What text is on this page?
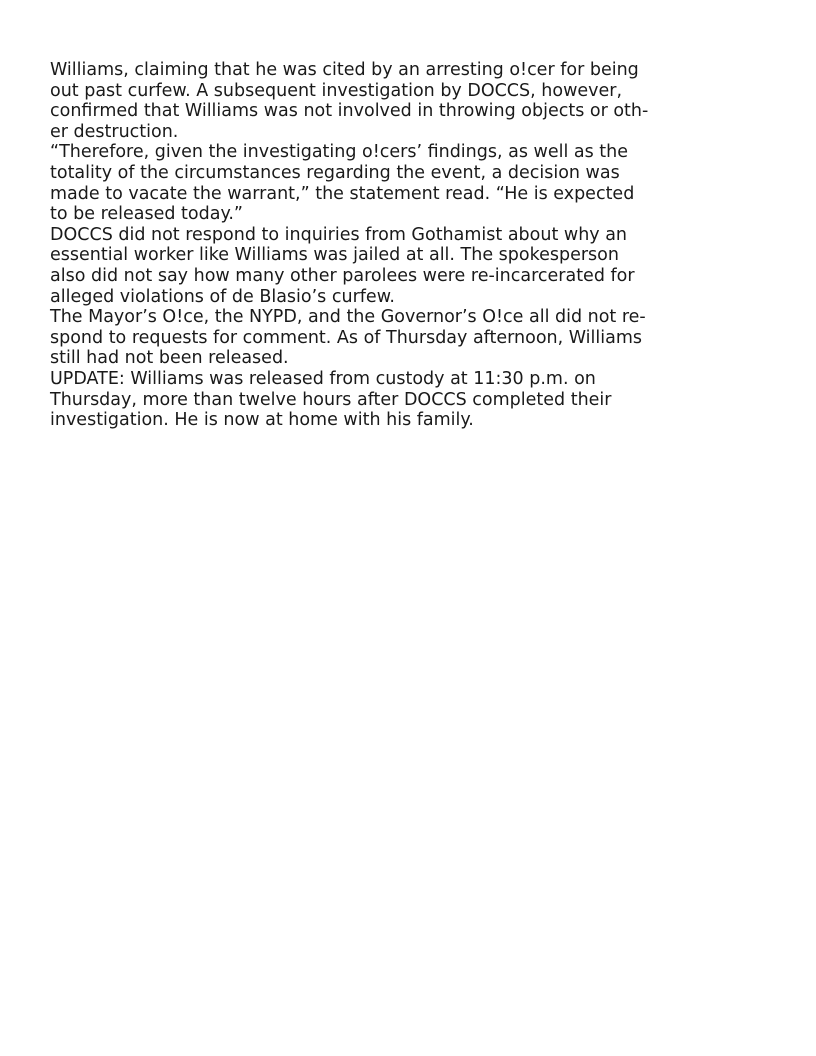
Williams, claiming that he was cited by an arresting o!cer for being
out past curfew. A subsequent investigation by DOCCS, however,
confirmed that Williams was not involved in throwing objects or oth-
er destruction.
“Therefore, given the investigating o!cers’ findings, as well as the
totality of the circumstances regarding the event, a decision was
made to vacate the warrant,” the statement read. “He is expected
to be released today.”
DOCCS did not respond to inquiries from Gothamist about why an
essential worker like Williams was jailed at all. The spokesperson
also did not say how many other parolees were re-incarcerated for
alleged violations of de Blasio’s curfew.
The Mayor’s O!ce, the NYPD, and the Governor’s O!ce all did not re-
spond to requests for comment. As of Thursday afternoon, Williams
still had not been released.
UPDATE: Williams was released from custody at 11:30 p.m. on
Thursday, more than twelve hours after DOCCS completed their
investigation. He is now at home with his family.
